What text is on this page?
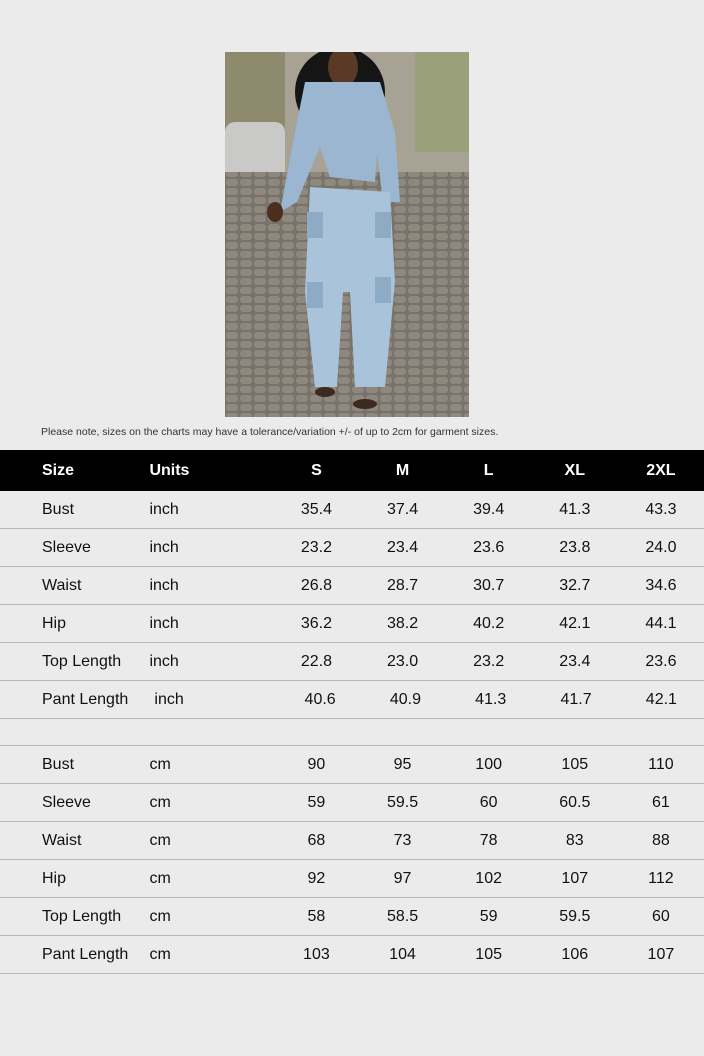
Please note, sizes on the charts may have a tolerance/variation +/- of up to 2cm for garment sizes.
Size	Units	S	M	L	XL	2XL
Bust	inch	35.4	37.4	39.4	41.3	43.3
Sleeve	inch	23.2	23.4	23.6	23.8	24.0
Waist	inch	26.8	28.7	30.7	32.7	34.6
Hip	inch	36.2	38.2	40.2	42.1	44.1
Top Length	inch	22.8	23.0	23.2	23.4	23.6
Pant Length	inch	40.6	40.9	41.3	41.7	42.1
Bust	cm	90	95	100	105	110
Sleeve	cm	59	59.5	60	60.5	61
Waist	cm	68	73	78	83	88
Hip	cm	92	97	102	107	112
Top Length	cm	58	58.5	59	59.5	60
Pant Length	cm	103	104	105	106	107
